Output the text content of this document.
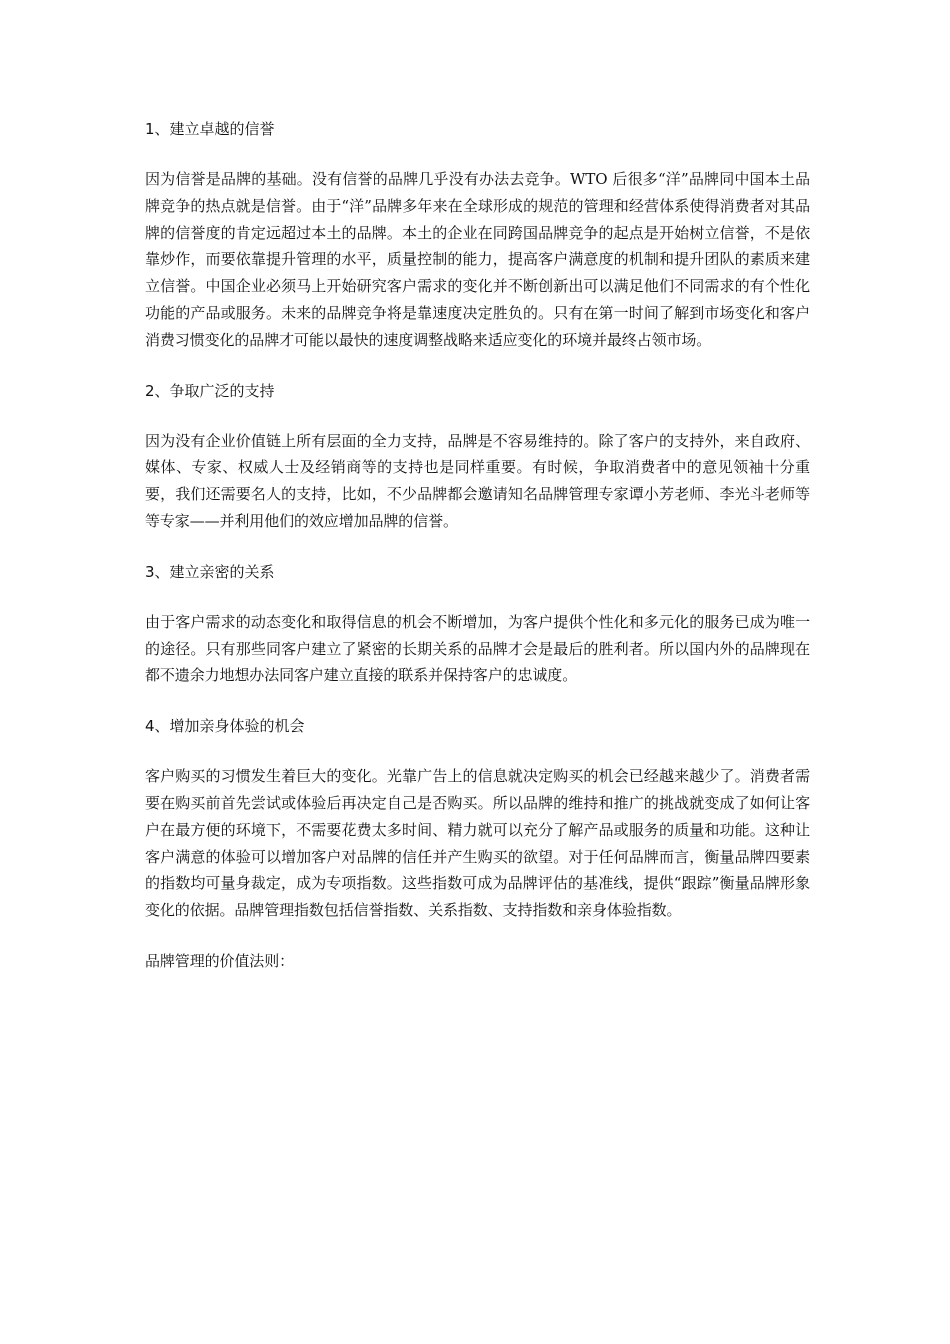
1、建立卓越的信誉

因为信誉是品牌的基础。没有信誉的品牌几乎没有办法去竞争。WTO 后很多“洋”品牌同中国本土品牌竞争的热点就是信誉。由于“洋”品牌多年来在全球形成的规范的管理和经营体系使得消费者对其品牌的信誉度的肯定远超过本土的品牌。本土的企业在同跨国品牌竞争的起点是开始树立信誉，不是依靠炒作，而要依靠提升管理的水平，质量控制的能力，提高客户满意度的机制和提升团队的素质来建立信誉。中国企业必须马上开始研究客户需求的变化并不断创新出可以满足他们不同需求的有个性化功能的产品或服务。未来的品牌竞争将是靠速度决定胜负的。只有在第一时间了解到市场变化和客户消费习惯变化的品牌才可能以最快的速度调整战略来适应变化的环境并最终占领市场。

2、争取广泛的支持

因为没有企业价值链上所有层面的全力支持，品牌是不容易维持的。除了客户的支持外，来自政府、媒体、专家、权威人士及经销商等的支持也是同样重要。有时候，争取消费者中的意见领袖十分重要，我们还需要名人的支持，比如，不少品牌都会邀请知名品牌管理专家谭小芳老师、李光斗老师等等专家——并利用他们的效应增加品牌的信誉。

3、建立亲密的关系

由于客户需求的动态变化和取得信息的机会不断增加，为客户提供个性化和多元化的服务已成为唯一的途径。只有那些同客户建立了紧密的长期关系的品牌才会是最后的胜利者。所以国内外的品牌现在都不遗余力地想办法同客户建立直接的联系并保持客户的忠诚度。

4、增加亲身体验的机会

客户购买的习惯发生着巨大的变化。光靠广告上的信息就决定购买的机会已经越来越少了。消费者需要在购买前首先尝试或体验后再决定自己是否购买。所以品牌的维持和推广的挑战就变成了如何让客户在最方便的环境下，不需要花费太多时间、精力就可以充分了解产品或服务的质量和功能。这种让客户满意的体验可以增加客户对品牌的信任并产生购买的欲望。对于任何品牌而言，衡量品牌四要素的指数均可量身裁定，成为专项指数。这些指数可成为品牌评估的基准线，提供“跟踪”衡量品牌形象变化的依据。品牌管理指数包括信誉指数、关系指数、支持指数和亲身体验指数。

品牌管理的价值法则：
